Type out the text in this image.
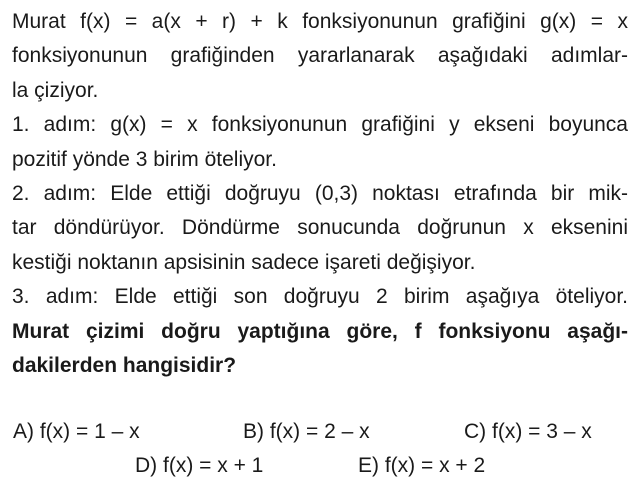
Murat f(x) = a(x + r) + k fonksiyonunun grafiğini g(x) = x
fonksiyonunun grafiğinden yararlanarak aşağıdaki adımlar-
la çiziyor.
1. adım: g(x) = x fonksiyonunun grafiğini y ekseni boyunca
pozitif yönde 3 birim öteliyor.
2. adım: Elde ettiği doğruyu (0,3) noktası etrafında bir mik-
tar döndürüyor. Döndürme sonucunda doğrunun x eksenini
kestiği noktanın apsisinin sadece işareti değişiyor.
3. adım: Elde ettiği son doğruyu 2 birim aşağıya öteliyor.
Murat çizimi doğru yaptığına göre, f fonksiyonu aşağı-
dakilerden hangisidir?
A) f(x) = 1 – x	B) f(x) = 2 – x	C) f(x) = 3 – x
D) f(x) = x + 1	E) f(x) = x + 2
